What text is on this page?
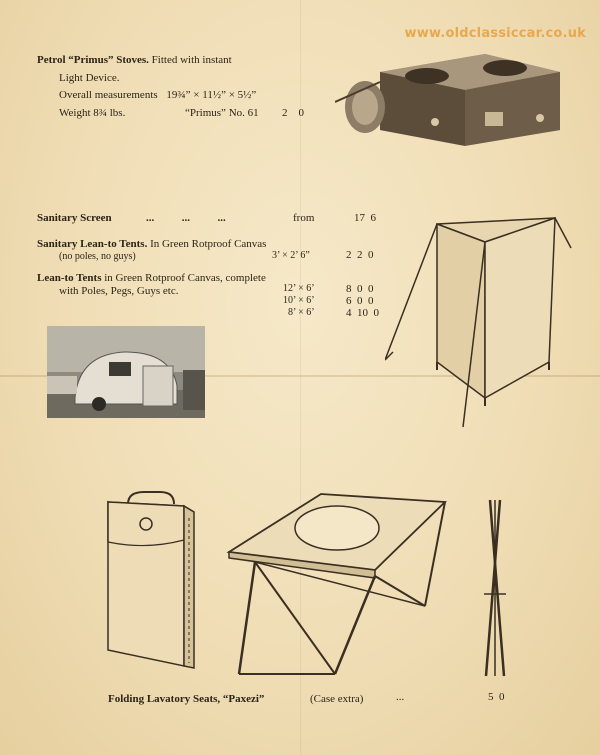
www.oldclassiccar.co.uk
Petrol “Primus” Stoves. Fitted with instant
Light Device.
Overall measurements 19¾” × 11½” × 5½”
Weight 8¾ lbs.	“Primus” No. 61 2    0
Sanitary Screen	...          ...          ...	from	17  6
Sanitary Lean-to Tents. In Green Rotproof Canvas
(no poles, no guys)	3’ × 2’ 6”	2  2  0
Lean-to Tents in Green Rotproof Canvas, complete
with Poles, Pegs, Guys etc.	12’ × 6’	8  0  0
10’ × 6’	6  0  0
8’ × 6’	4  10  0
Folding Lavatory Seats, “Paxezi”	(Case extra)	...	5  0
